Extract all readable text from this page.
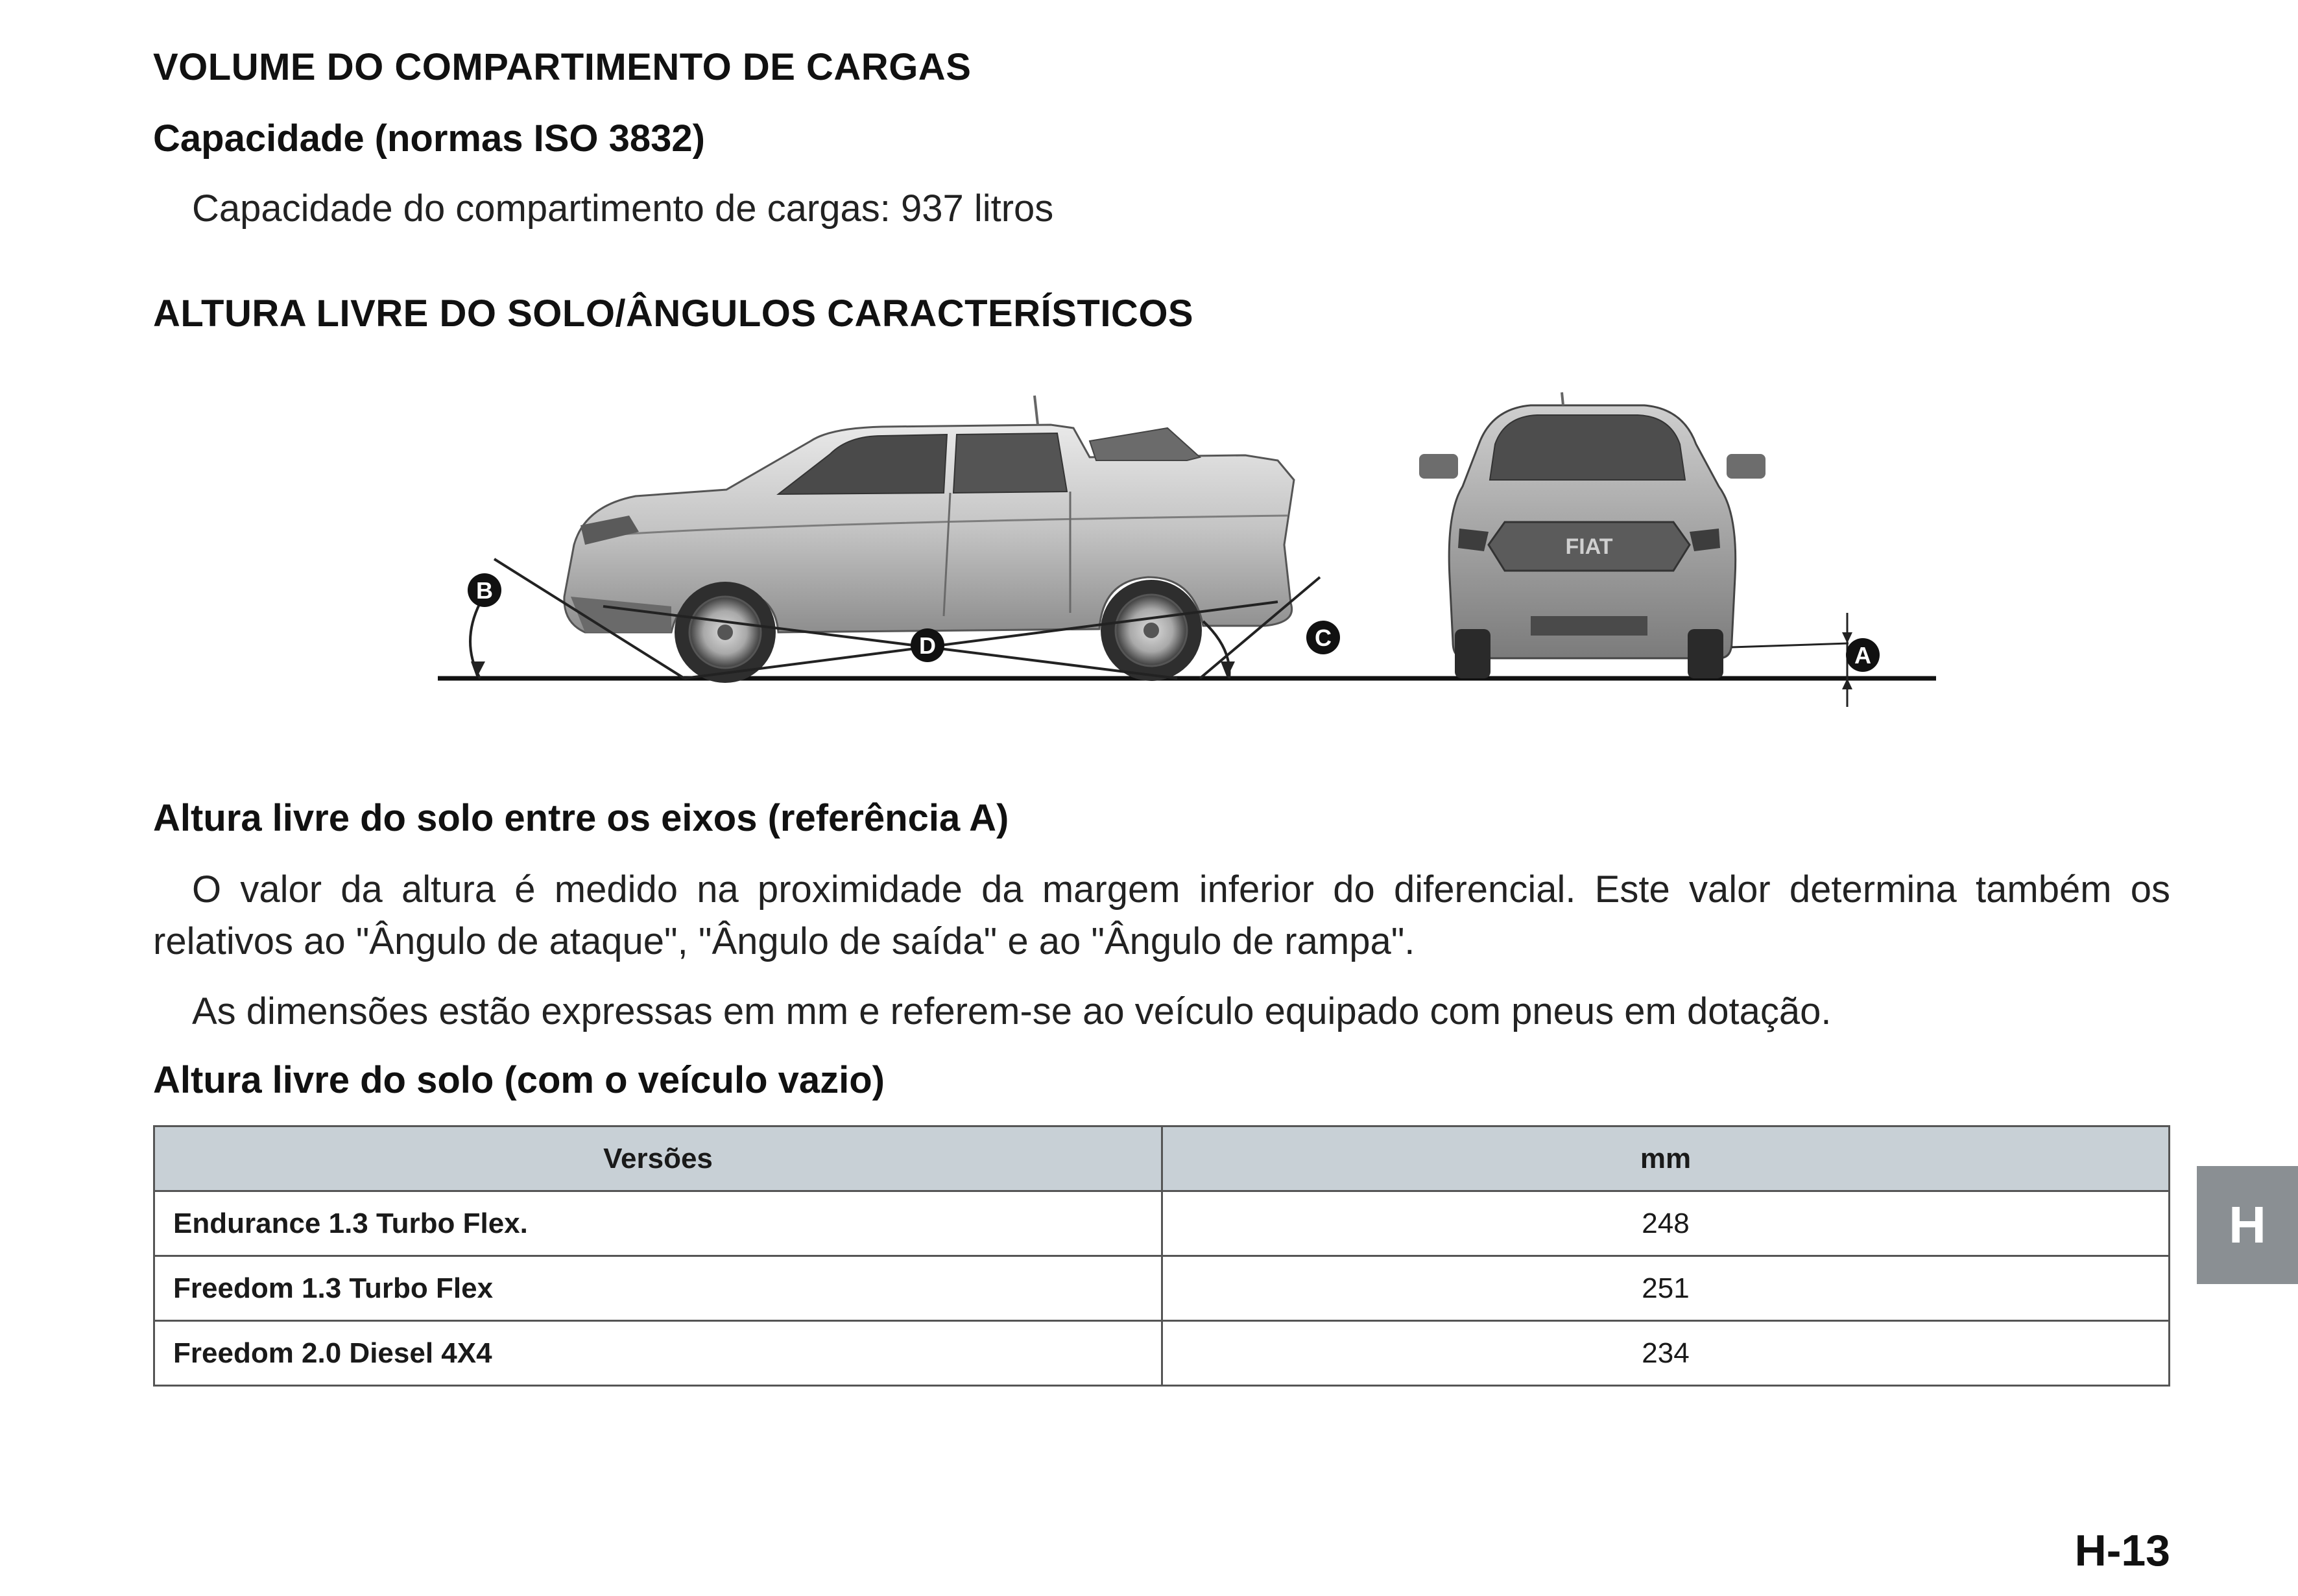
VOLUME DO COMPARTIMENTO DE CARGAS
Capacidade (normas ISO 3832)
Capacidade do compartimento de cargas: 937 litros
ALTURA LIVRE DO SOLO/ÂNGULOS CARACTERÍSTICOS
B
C
D
FIAT
A
Altura livre do solo entre os eixos (referência A)
O valor da altura é medido na proximidade da margem inferior do diferencial. Este valor determina também os relativos ao "Ângulo de ataque", "Ângulo de saída" e ao "Ângulo de rampa".
As dimensões estão expressas em mm e referem-se ao veículo equipado com pneus em dotação.
Altura livre do solo (com o veículo vazio)
Versões	mm
Endurance 1.3 Turbo Flex.	248
Freedom 1.3 Turbo Flex	251
Freedom 2.0 Diesel 4X4	234
H
H-13
